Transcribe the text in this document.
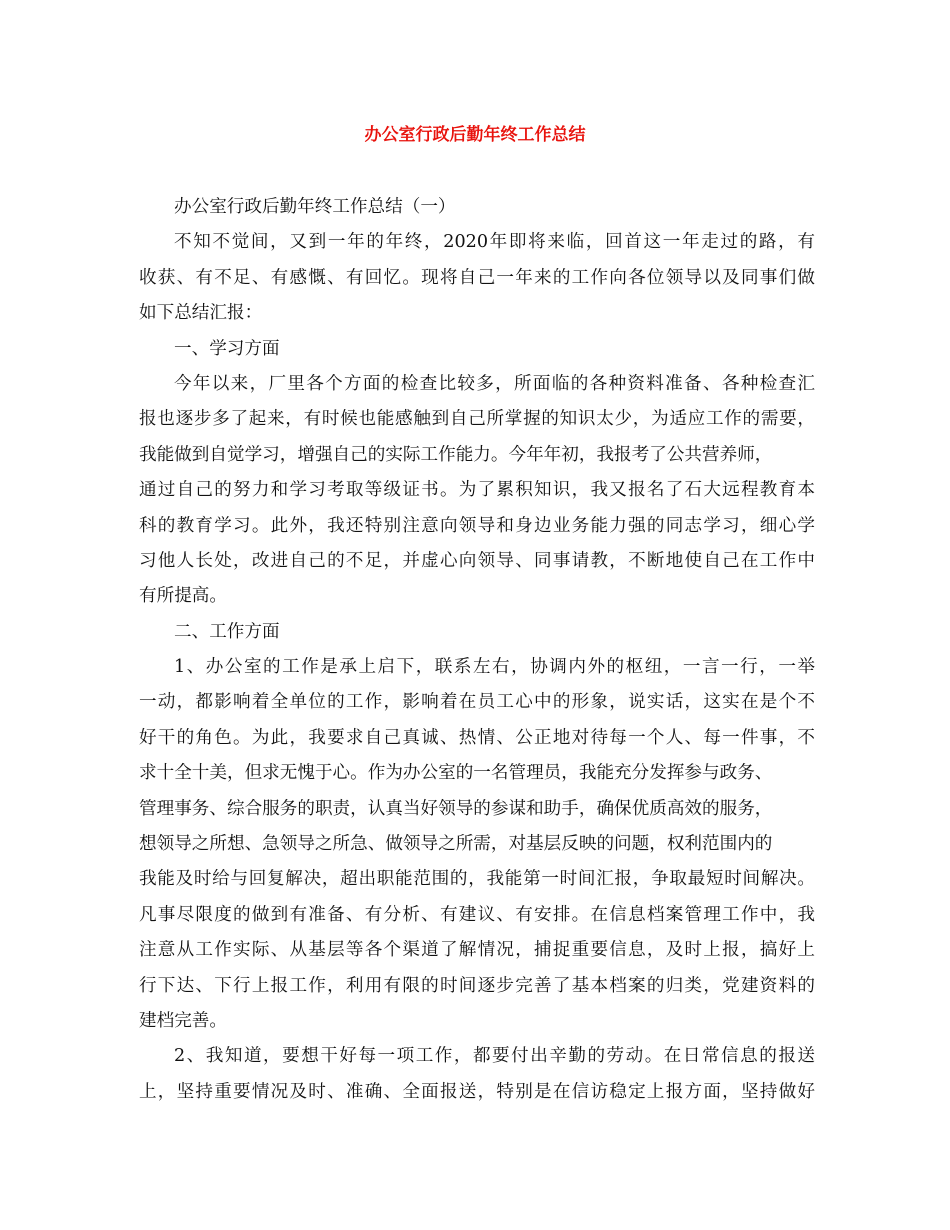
办公室行政后勤年终工作总结
办公室行政后勤年终工作总结（一）
不知不觉间，又到一年的年终，2020年即将来临，回首这一年走过的路，有
收获、有不足、有感慨、有回忆。现将自己一年来的工作向各位领导以及同事们做
如下总结汇报：
一、学习方面
今年以来，厂里各个方面的检查比较多，所面临的各种资料准备、各种检查汇
报也逐步多了起来，有时候也能感触到自己所掌握的知识太少，为适应工作的需要，
我能做到自觉学习，增强自己的实际工作能力。今年年初，我报考了公共营养师，
通过自己的努力和学习考取等级证书。为了累积知识，我又报名了石大远程教育本
科的教育学习。此外，我还特别注意向领导和身边业务能力强的同志学习，细心学
习他人长处，改进自己的不足，并虚心向领导、同事请教，不断地使自己在工作中
有所提高。
二、工作方面
1、办公室的工作是承上启下，联系左右，协调内外的枢纽，一言一行，一举
一动，都影响着全单位的工作，影响着在员工心中的形象，说实话，这实在是个不
好干的角色。为此，我要求自己真诚、热情、公正地对待每一个人、每一件事，不
求十全十美，但求无愧于心。作为办公室的一名管理员，我能充分发挥参与政务、
管理事务、综合服务的职责，认真当好领导的参谋和助手，确保优质高效的服务，
想领导之所想、急领导之所急、做领导之所需，对基层反映的问题，权利范围内的
我能及时给与回复解决，超出职能范围的，我能第一时间汇报，争取最短时间解决。
凡事尽限度的做到有准备、有分析、有建议、有安排。在信息档案管理工作中，我
注意从工作实际、从基层等各个渠道了解情况，捕捉重要信息，及时上报，搞好上
行下达、下行上报工作，利用有限的时间逐步完善了基本档案的归类，党建资料的
建档完善。
2、我知道，要想干好每一项工作，都要付出辛勤的劳动。在日常信息的报送
上，坚持重要情况及时、准确、全面报送，特别是在信访稳定上报方面，坚持做好
